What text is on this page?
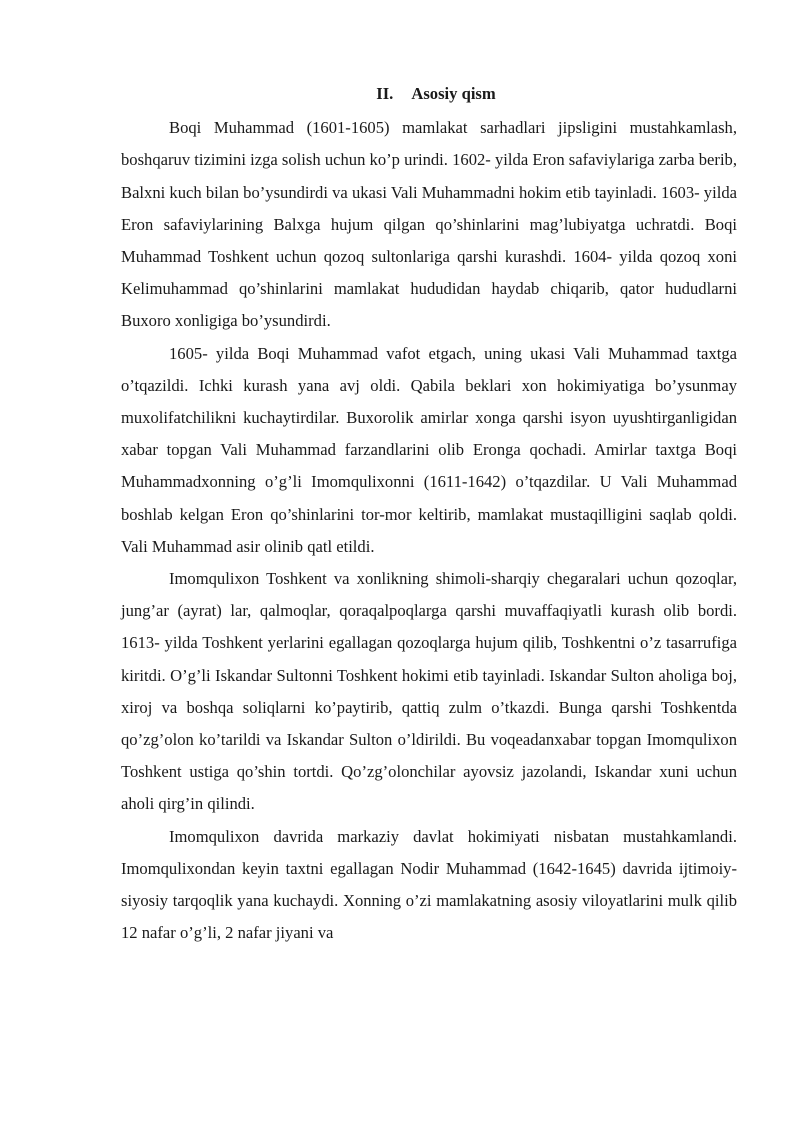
II. Asosiy qism

Boqi Muhammad (1601-1605) mamlakat sarhadlari jipsligini mustahkamlash, boshqaruv tizimini izga solish uchun ko’p urindi. 1602- yilda Eron safaviylariga zarba berib, Balxni kuch bilan bo’ysundirdi va ukasi Vali Muhammadni hokim etib tayinladi. 1603- yilda Eron safaviylarining Balxga hujum qilgan qo’shinlarini mag’lubiyatga uchratdi. Boqi Muhammad Toshkent uchun qozoq sultonlariga qarshi kurashdi. 1604- yilda qozoq xoni Kelimuhammad qo’shinlarini mamlakat hududidan haydab chiqarib, qator hududlarni Buxoro xonligiga bo’ysundirdi.

1605- yilda Boqi Muhammad vafot etgach, uning ukasi Vali Muhammad taxtga o’tqazildi. Ichki kurash yana avj oldi. Qabila beklari xon hokimiyatiga bo’ysunmay muxolifatchilikni kuchaytirdilar. Buxorolik amirlar xonga qarshi isyon uyushtirganligidan xabar topgan Vali Muhammad farzandlarini olib Eronga qochadi. Amirlar taxtga Boqi Muhammadxonning o’g’li Imomqulixonni (1611-1642) o’tqazdilar. U Vali Muhammad boshlab kelgan Eron qo’shinlarini tor-mor keltirib, mamlakat mustaqilligini saqlab qoldi. Vali Muhammad asir olinib qatl etildi.

Imomqulixon Toshkent va xonlikning shimoli-sharqiy chegaralari uchun qozoqlar, jung’ar (ayrat) lar, qalmoqlar, qoraqalpoqlarga qarshi muvaffaqiyatli kurash olib bordi. 1613- yilda Toshkent yerlarini egallagan qozoqlarga hujum qilib, Toshkentni o’z tasarrufiga kiritdi. O’g’li Iskandar Sultonni Toshkent hokimi etib tayinladi. Iskandar Sulton aholiga boj, xiroj va boshqa soliqlarni ko’paytirib, qattiq zulm o’tkazdi. Bunga qarshi Toshkentda qo’zg’olon ko’tarildi va Iskandar Sulton o’ldirildi. Bu voqeadanxabar topgan Imomqulixon Toshkent ustiga qo’shin tortdi. Qo’zg’olonchilar ayovsiz jazolandi, Iskandar xuni uchun aholi qirg’in qilindi.

Imomqulixon davrida markaziy davlat hokimiyati nisbatan mustahkamlandi. Imomqulixondan keyin taxtni egallagan Nodir Muhammad (1642-1645) davrida ijtimoiy-siyosiy tarqoqlik yana kuchaydi. Xonning o’zi mamlakatning asosiy viloyatlarini mulk qilib 12 nafar o’g’li, 2 nafar jiyani va
